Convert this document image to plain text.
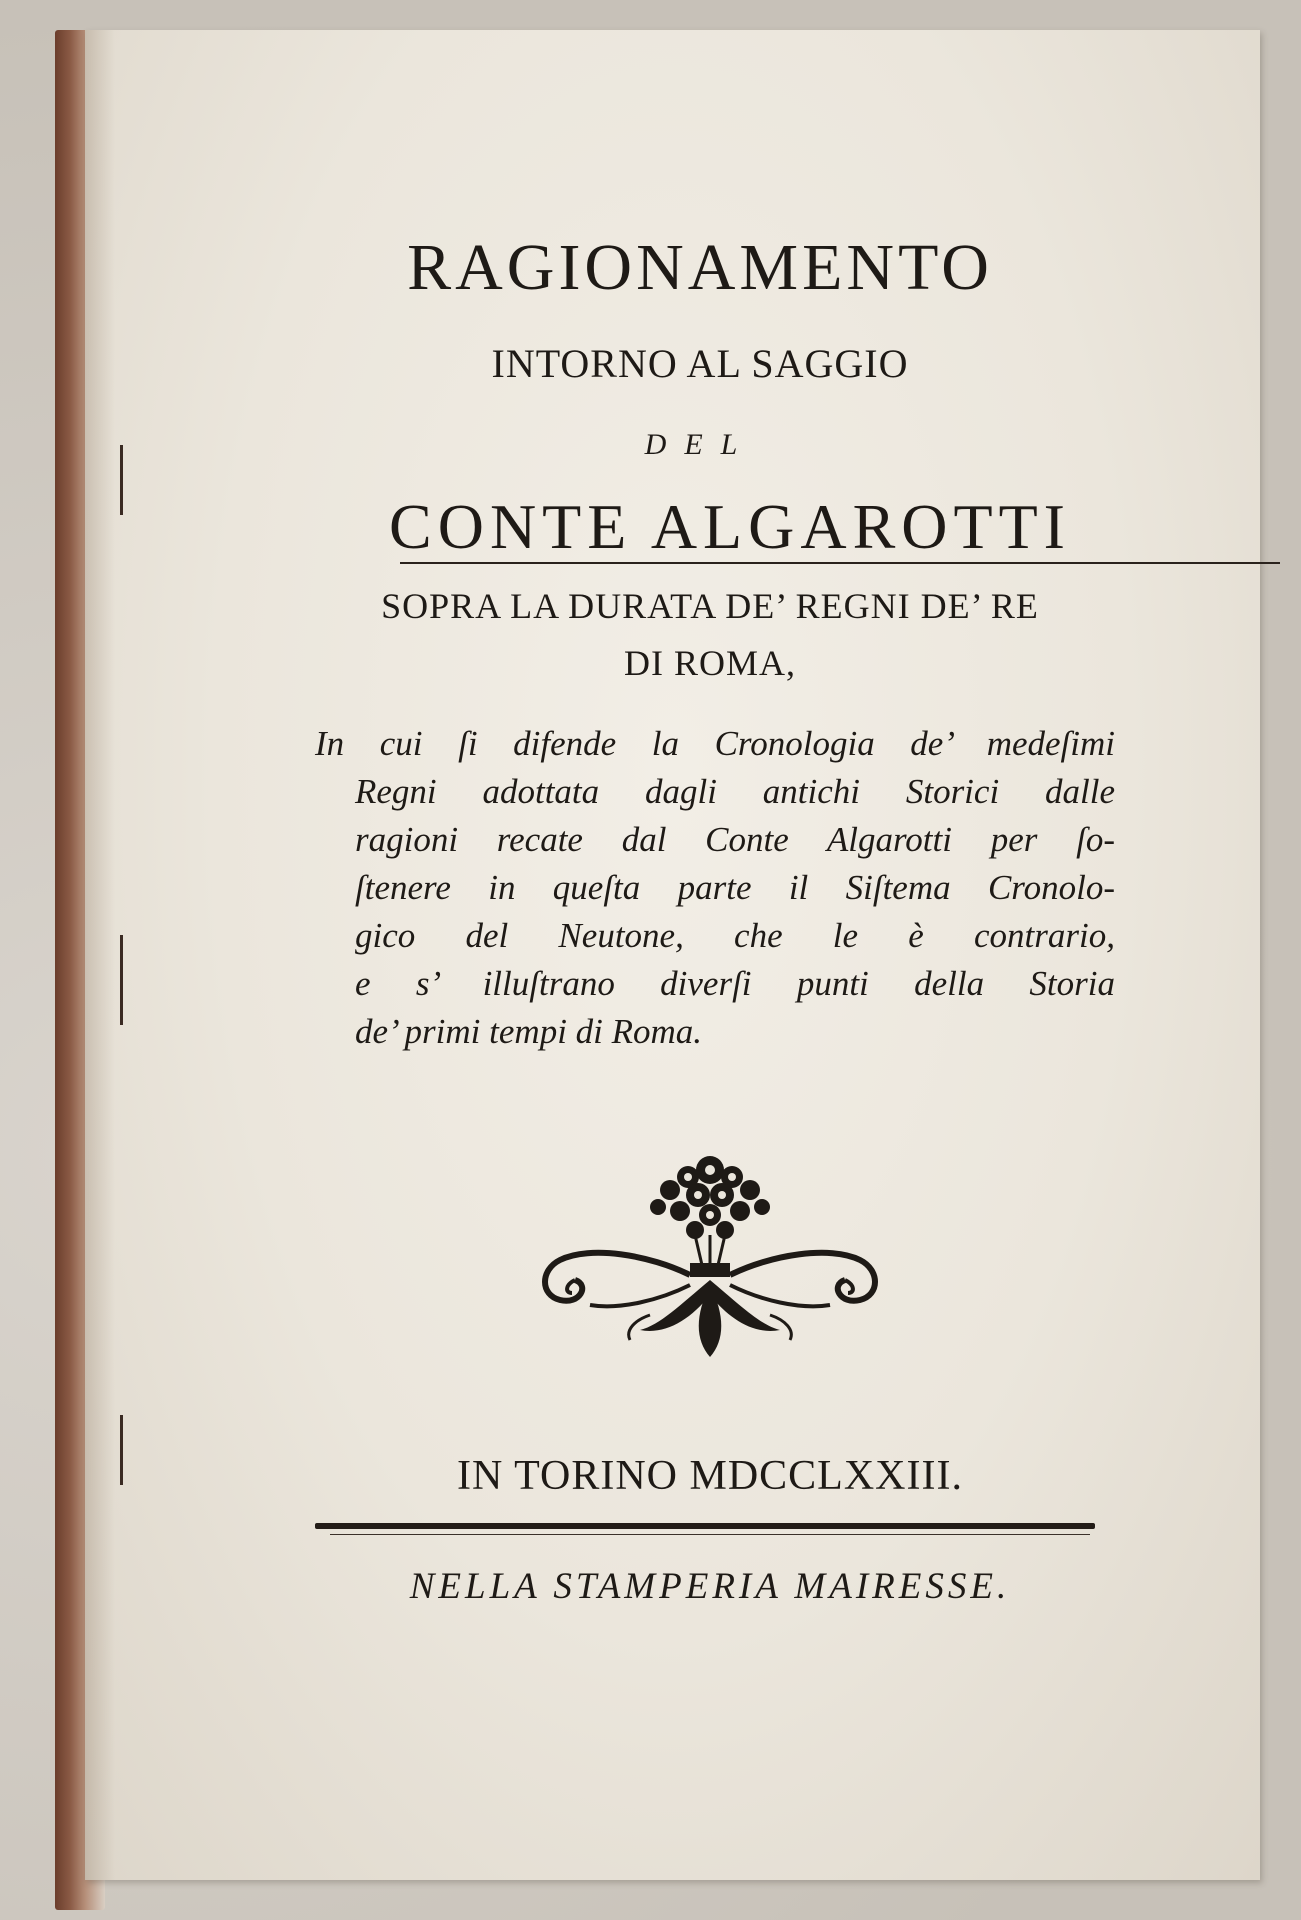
RAGIONAMENTO
INTORNO AL SAGGIO
DEL
CONTE ALGAROTTI
SOPRA LA DURATA DE’ REGNI DE’ RE
DI ROMA,
In cui ſi difende la Cronologia de’ medeſimi
Regni adottata dagli antichi Storici dalle
ragioni recate dal Conte Algarotti per ſo-
ſtenere in queſta parte il Siſtema Cronolo-
gico del Neutone, che le è contrario,
e s’ illuſtrano diverſi punti della Storia
de’ primi tempi di Roma.
IN TORINO MDCCLXXIII.
NELLA STAMPERIA MAIRESSE.
